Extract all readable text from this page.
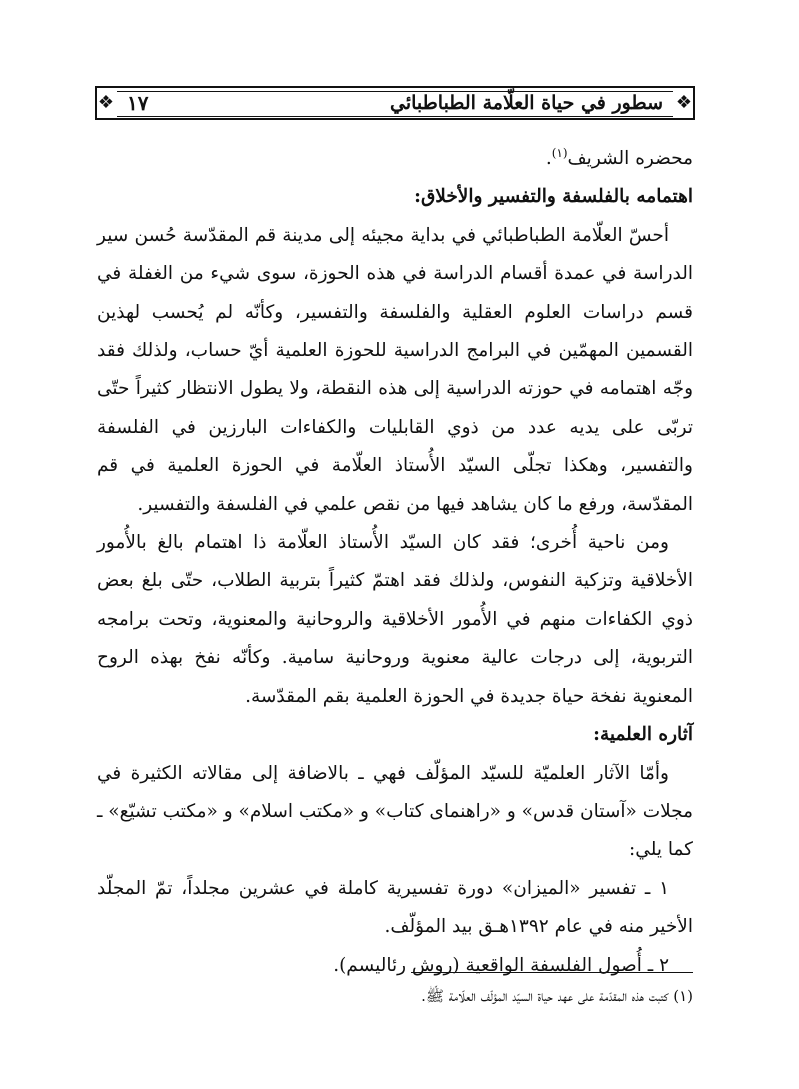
❖
سطور في حياة العلّامة الطباطبائي
١٧
❖

محضره الشريف$^{(١)}$.

اهتمامه بالفلسفة والتفسير والأخلاق:

أحسّ العلّامة الطباطبائي في بداية مجيئه إلى مدينة قم المقدّسة حُسن سير الدراسة في عمدة أقسام الدراسة في هذه الحوزة، سوى شيء من الغفلة في قسم دراسات العلوم العقلية والفلسفة والتفسير، وكأنّه لم يُحسب لهذين القسمين المهمّين في البرامج الدراسية للحوزة العلمية أيّ حساب، ولذلك فقد وجّه اهتمامه في حوزته الدراسية إلى هذه النقطة، ولا يطول الانتظار كثيراً حتّى تربّى على يديه عدد من ذوي القابليات والكفاءات البارزين في الفلسفة والتفسير، وهكذا تجلّى السيّد الأُستاذ العلّامة في الحوزة العلمية في قم المقدّسة، ورفع ما كان يشاهد فيها من نقص علمي في الفلسفة والتفسير.

ومن ناحية أُخرى؛ فقد كان السيّد الأُستاذ العلّامة ذا اهتمام بالغ بالأُمور الأخلاقية وتزكية النفوس، ولذلك فقد اهتمّ كثيراً بتربية الطلاب، حتّى بلغ بعض ذوي الكفاءات منهم في الأُمور الأخلاقية والروحانية والمعنوية، وتحت برامجه التربوية، إلى درجات عالية معنوية وروحانية سامية. وكأنّه نفخ بهذه الروح المعنوية نفخة حياة جديدة في الحوزة العلمية بقم المقدّسة.

آثاره العلمية:

وأمّا الآثار العلميّة للسيّد المؤلّف فهي ـ بالاضافة إلى مقالاته الكثيرة في مجلات «آستان قدس» و «راهنماى كتاب» و «مكتب اسلام» و «مكتب تشيّع» ـ كما يلي:

١ ـ تفسير «الميزان» دورة تفسيرية كاملة في عشرين مجلداً، تمّ المجلّد الأخير منه في عام ١٣٩٢هـق بيد المؤلّف.

٢ ـ أُصول الفلسفة الواقعية (روش رئاليسم).

(١) كتبت هذه المقدّمة على عهد حياة السيّد المؤلّف العلّامة ﷺ.
